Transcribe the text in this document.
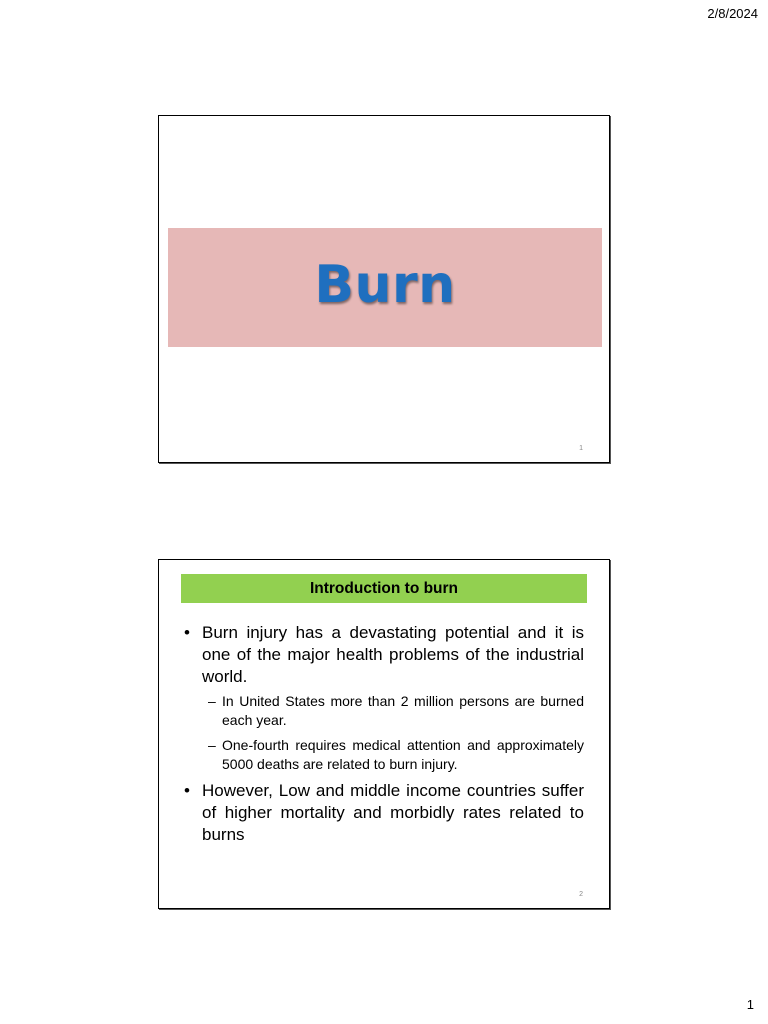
2/8/2024
Burn
1
Introduction to burn
• Burn injury has a devastating potential and it is one of the major health problems of the industrial world.
– In United States more than 2 million persons are burned each year.
– One-fourth requires medical attention and approximately 5000 deaths are related to burn injury.
• However, Low and middle income countries suffer of higher mortality and morbidly rates related to burns
2
1
